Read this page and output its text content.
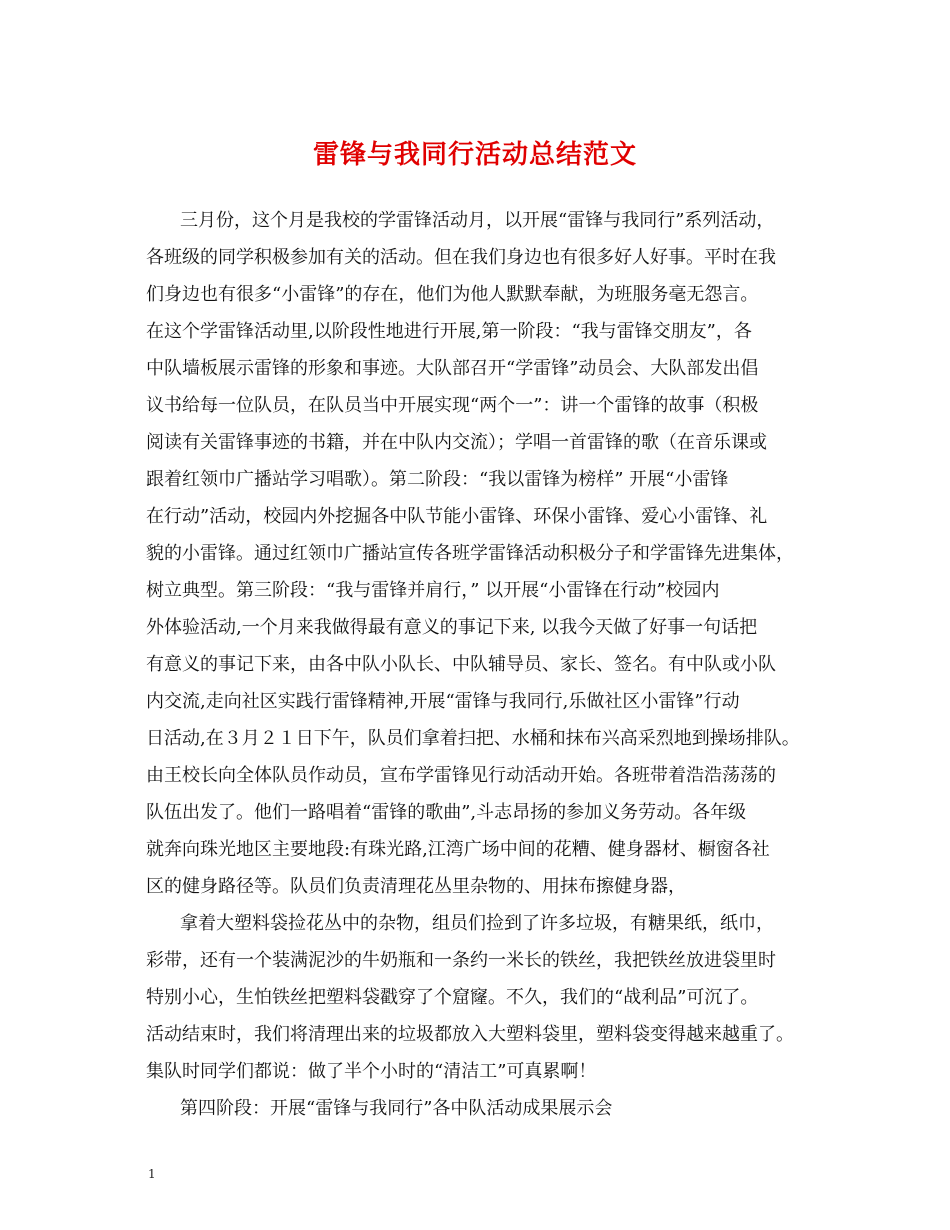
雷锋与我同行活动总结范文

三月份，这个月是我校的学雷锋活动月，以开展“雷锋与我同行”系列活动，

各班级的同学积极参加有关的活动。但在我们身边也有很多好人好事。平时在我

们身边也有很多“小雷锋”的存在，他们为他人默默奉献，为班服务毫无怨言。

在这个学雷锋活动里,以阶段性地进行开展,第一阶段：“我与雷锋交朋友”，各

中队墙板展示雷锋的形象和事迹。大队部召开“学雷锋”动员会、大队部发出倡

议书给每一位队员，在队员当中开展实现“两个一”：讲一个雷锋的故事（积极

阅读有关雷锋事迹的书籍，并在中队内交流）；学唱一首雷锋的歌（在音乐课或

跟着红领巾广播站学习唱歌）。第二阶段：“我以雷锋为榜样” 开展“小雷锋

在行动”活动，校园内外挖掘各中队节能小雷锋、环保小雷锋、爱心小雷锋、礼

貌的小雷锋。通过红领巾广播站宣传各班学雷锋活动积极分子和学雷锋先进集体，

树立典型。第三阶段：“我与雷锋并肩行，” 以开展“小雷锋在行动”校园内

外体验活动,一个月来我做得最有意义的事记下来, 以我今天做了好事一句话把

有意义的事记下来，由各中队小队长、中队辅导员、家长、签名。有中队或小队

内交流,走向社区实践行雷锋精神,开展“雷锋与我同行,乐做社区小雷锋”行动

日活动,在３月２１日下午，队员们拿着扫把、水桶和抹布兴高采烈地到操场排队。

由王校长向全体队员作动员，宣布学雷锋见行动活动开始。各班带着浩浩荡荡的

队伍出发了。他们一路唱着“雷锋的歌曲”,斗志昂扬的参加义务劳动。各年级

就奔向珠光地区主要地段:有珠光路,江湾广场中间的花糟、健身器材、橱窗各社

区的健身路径等。队员们负责清理花丛里杂物的、用抹布擦健身器，

拿着大塑料袋捡花丛中的杂物，组员们捡到了许多垃圾，有糖果纸，纸巾，

彩带，还有一个装满泥沙的牛奶瓶和一条约一米长的铁丝，我把铁丝放进袋里时

特别小心，生怕铁丝把塑料袋戳穿了个窟窿。不久，我们的“战利品”可沉了。

活动结束时，我们将清理出来的垃圾都放入大塑料袋里，塑料袋变得越来越重了。

集队时同学们都说：做了半个小时的“清洁工”可真累啊！

第四阶段：开展“雷锋与我同行”各中队活动成果展示会

1
